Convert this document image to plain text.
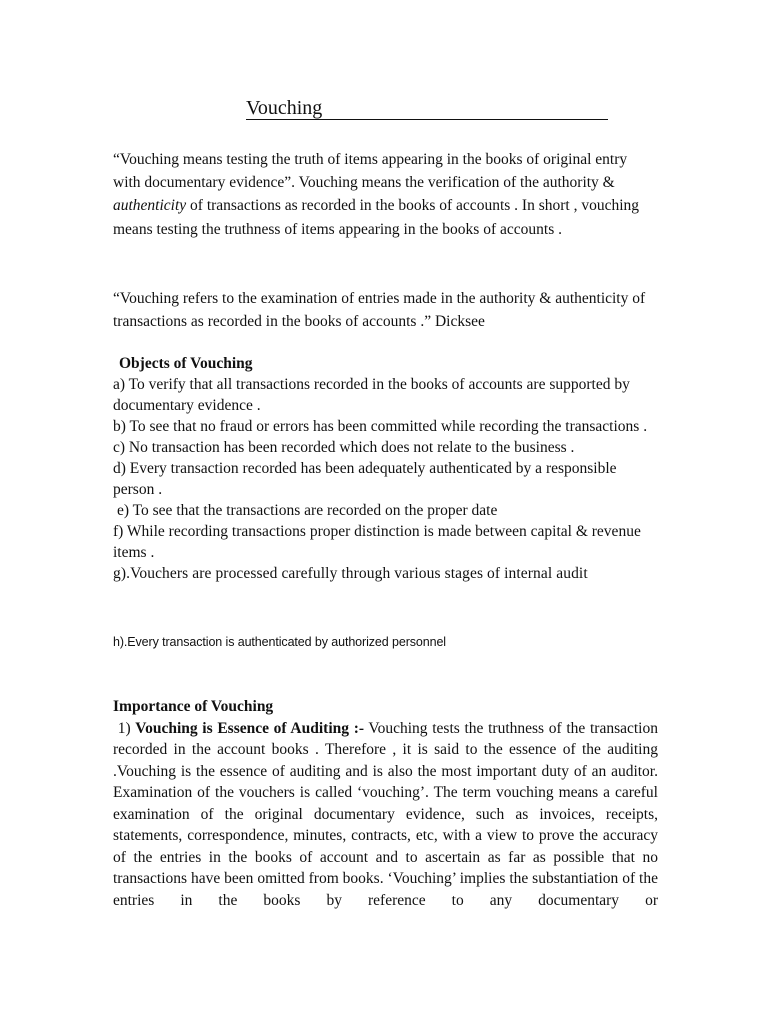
Vouching
“Vouching means testing the truth of items appearing in the books of original entry with documentary evidence”. Vouching means the verification of the authority & authenticity of transactions as recorded in the books of accounts . In short , vouching means testing the truthness of items appearing in the books of accounts .
“Vouching refers to the examination of entries made in the authority & authenticity of transactions as recorded in the books of accounts .” Dicksee
Objects of Vouching
a) To verify that all transactions recorded in the books of accounts are supported by documentary evidence .
b) To see that no fraud or errors has been committed while recording the transactions .
c) No transaction has been recorded which does not relate to the business .
d) Every transaction recorded has been adequately authenticated by a responsible person .
e) To see that the transactions are recorded on the proper date
f) While recording transactions proper distinction is made between capital & revenue items .
g).Vouchers are processed carefully through various stages of internal audit
h).Every transaction is authenticated by authorized personnel
Importance of Vouching
1) Vouching is Essence of Auditing :- Vouching tests the truthness of the transaction recorded in the account books . Therefore , it is said to the essence of the auditing .Vouching is the essence of auditing and is also the most important duty of an auditor. Examination of the vouchers is called ‘vouching’. The term vouching means a careful examination of the original documentary evidence, such as invoices, receipts, statements, correspondence, minutes, contracts, etc, with a view to prove the accuracy of the entries in the books of account and to ascertain as far as possible that no transactions have been omitted from books. ‘Vouching’ implies the substantiation of the entries in the books by reference to any documentary or
